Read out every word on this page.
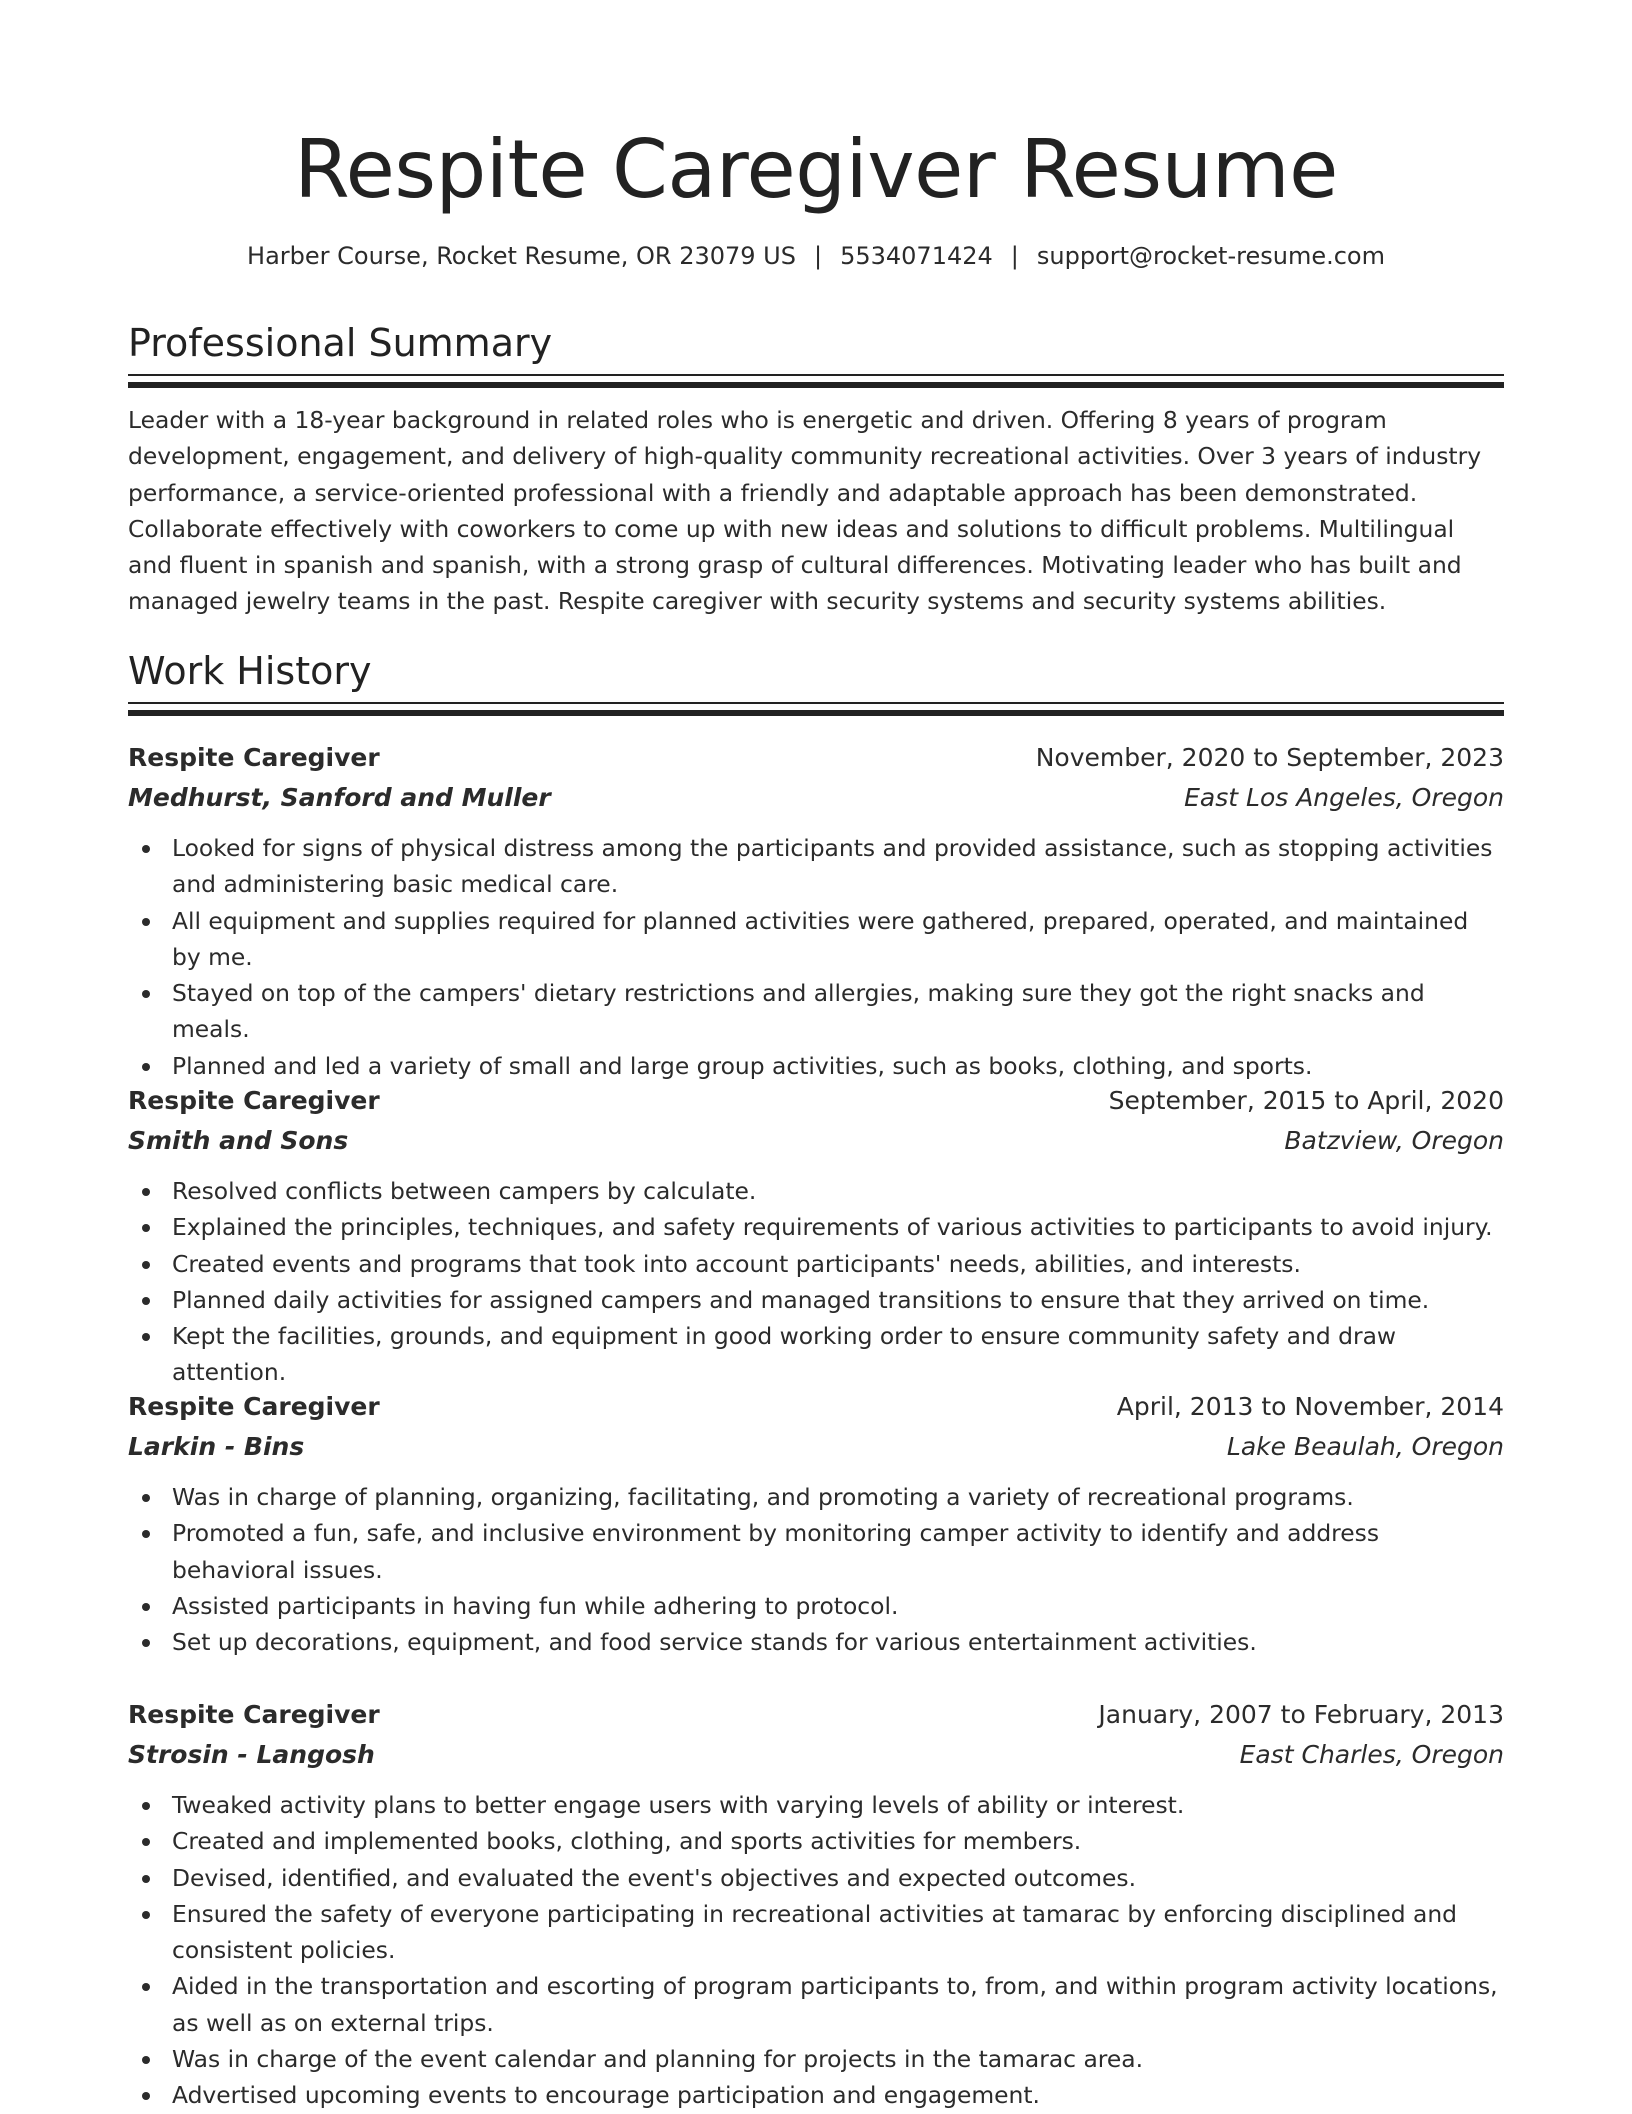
Respite Caregiver Resume
Harber Course, Rocket Resume, OR 23079 US | 5534071424 | support@rocket-resume.com
Professional Summary

Leader with a 18-year background in related roles who is energetic and driven. Offering 8 years of program development, engagement, and delivery of high-quality community recreational activities. Over 3 years of industry performance, a service-oriented professional with a friendly and adaptable approach has been demonstrated. Collaborate effectively with coworkers to come up with new ideas and solutions to difficult problems. Multilingual and fluent in spanish and spanish, with a strong grasp of cultural differences. Motivating leader who has built and managed jewelry teams in the past. Respite caregiver with security systems and security systems abilities.

Work History
Respite Caregiver	November, 2020 to September, 2023
Medhurst, Sanford and Muller	East Los Angeles, Oregon
Looked for signs of physical distress among the participants and provided assistance, such as stopping activities and administering basic medical care.
All equipment and supplies required for planned activities were gathered, prepared, operated, and maintained by me.
Stayed on top of the campers' dietary restrictions and allergies, making sure they got the right snacks and meals.
Planned and led a variety of small and large group activities, such as books, clothing, and sports.
Respite Caregiver	September, 2015 to April, 2020
Smith and Sons	Batzview, Oregon
Resolved conflicts between campers by calculate.
Explained the principles, techniques, and safety requirements of various activities to participants to avoid injury.
Created events and programs that took into account participants' needs, abilities, and interests.
Planned daily activities for assigned campers and managed transitions to ensure that they arrived on time.
Kept the facilities, grounds, and equipment in good working order to ensure community safety and draw attention.
Respite Caregiver	April, 2013 to November, 2014
Larkin - Bins	Lake Beaulah, Oregon
Was in charge of planning, organizing, facilitating, and promoting a variety of recreational programs.
Promoted a fun, safe, and inclusive environment by monitoring camper activity to identify and address behavioral issues.
Assisted participants in having fun while adhering to protocol.
Set up decorations, equipment, and food service stands for various entertainment activities.
Respite Caregiver	January, 2007 to February, 2013
Strosin - Langosh	East Charles, Oregon
Tweaked activity plans to better engage users with varying levels of ability or interest.
Created and implemented books, clothing, and sports activities for members.
Devised, identified, and evaluated the event's objectives and expected outcomes.
Ensured the safety of everyone participating in recreational activities at tamarac by enforcing disciplined and consistent policies.
Aided in the transportation and escorting of program participants to, from, and within program activity locations, as well as on external trips.
Was in charge of the event calendar and planning for projects in the tamarac area.
Advertised upcoming events to encourage participation and engagement.
